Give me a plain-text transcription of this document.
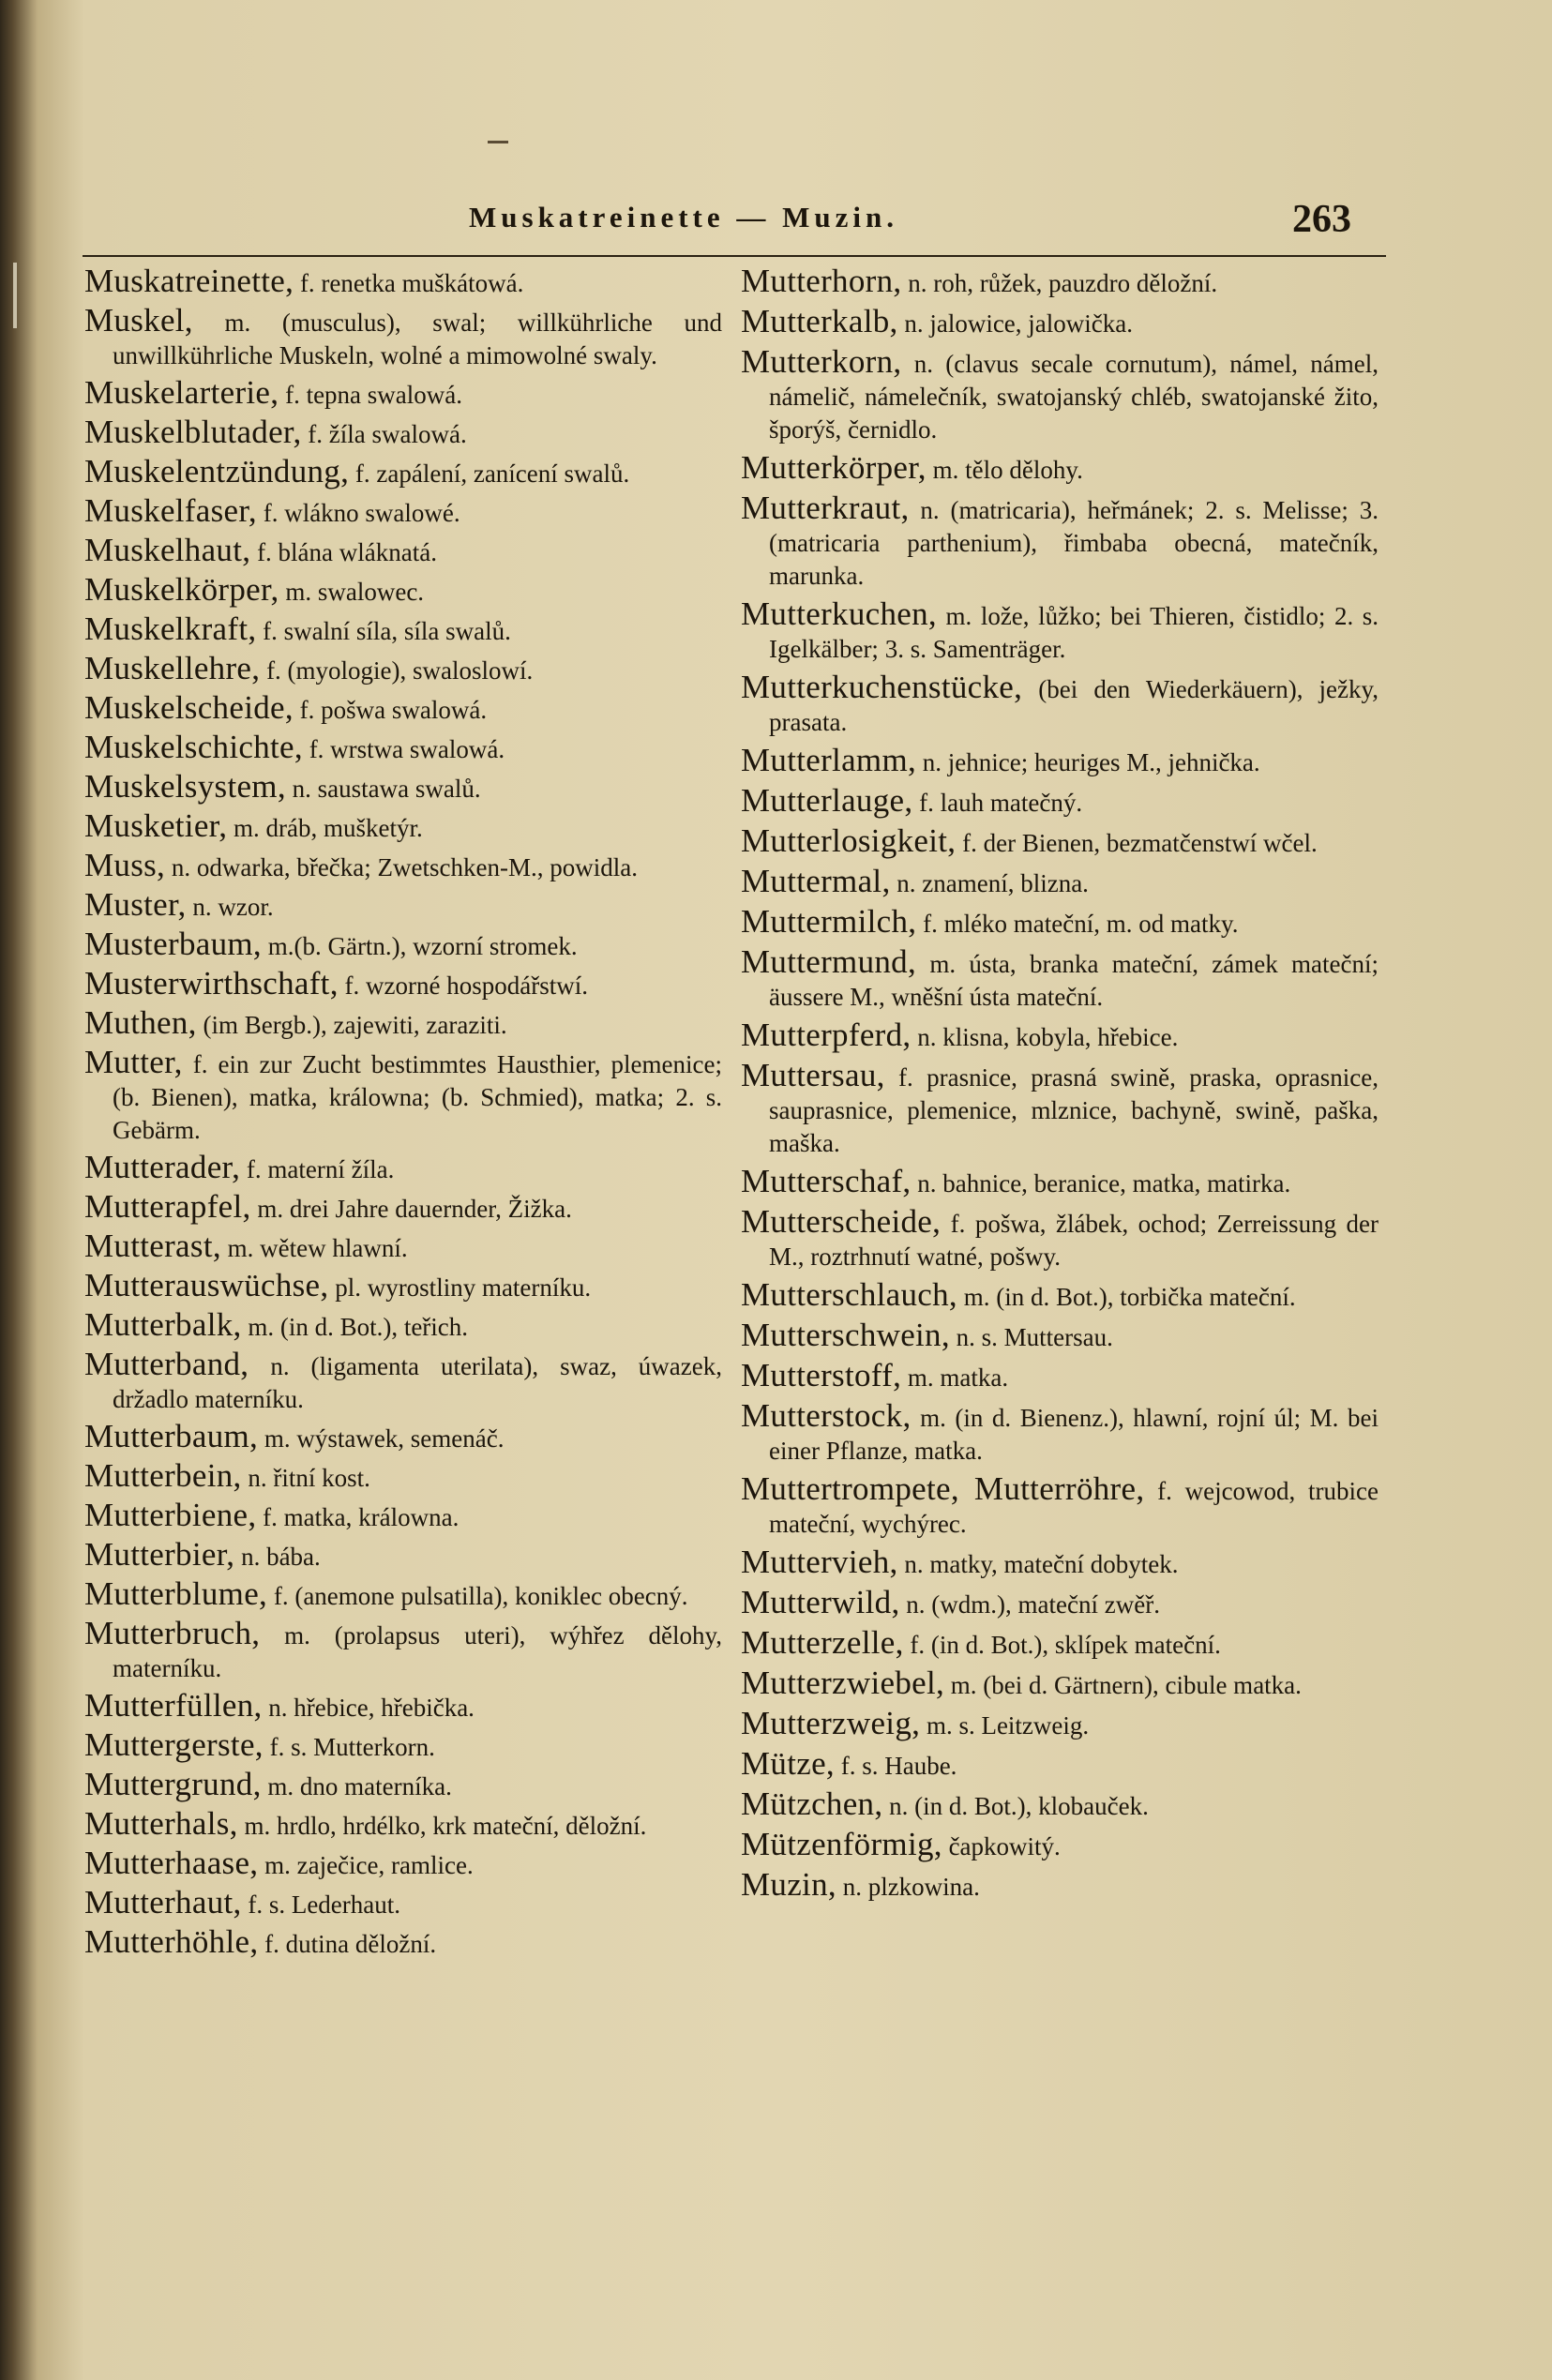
Muskatreinette — Muzin.	263

Muskatreinette, f. renetka muškátowá.

Muskel, m. (musculus), swal; willkührliche und unwillkührliche Muskeln, wolné a mimowolné swaly.

Muskelarterie, f. tepna swalowá.

Muskelblutader, f. žíla swalowá.

Muskelentzündung, f. zapálení, zanícení swalů.

Muskelfaser, f. wlákno swalowé.

Muskelhaut, f. blána wláknatá.

Muskelkörper, m. swalowec.

Muskelkraft, f. swalní síla, síla swalů.

Muskellehre, f. (myologie), swaloslowí.

Muskelscheide, f. pošwa swalowá.

Muskelschichte, f. wrstwa swalowá.

Muskelsystem, n. saustawa swalů.

Musketier, m. dráb, mušketýr.

Muss, n. odwarka, břečka; Zwetschken-M., powidla.

Muster, n. wzor.

Musterbaum, m.(b. Gärtn.), wzorní stromek.

Musterwirthschaft, f. wzorné hospodářstwí.

Muthen, (im Bergb.), zajewiti, zaraziti.

Mutter, f. ein zur Zucht bestimmtes Hausthier, plemenice; (b. Bienen), matka, králowna; (b. Schmied), matka; 2. s. Gebärm.

Mutterader, f. materní žíla.

Mutterapfel, m. drei Jahre dauernder, Žižka.

Mutterast, m. wětew hlawní.

Mutterauswüchse, pl. wyrostliny materníku.

Mutterbalk, m. (in d. Bot.), teřich.

Mutterband, n. (ligamenta uterilata), swaz, úwazek, držadlo materníku.

Mutterbaum, m. wýstawek, semenáč.

Mutterbein, n. řitní kost.

Mutterbiene, f. matka, králowna.

Mutterbier, n. bába.

Mutterblume, f. (anemone pulsatilla), koniklec obecný.

Mutterbruch, m. (prolapsus uteri), wýhřez dělohy, materníku.

Mutterfüllen, n. hřebice, hřebička.

Muttergerste, f. s. Mutterkorn.

Muttergrund, m. dno materníka.

Mutterhals, m. hrdlo, hrdélko, krk mateční, děložní.

Mutterhaase, m. zaječice, ramlice.

Mutterhaut, f. s. Lederhaut.

Mutterhöhle, f. dutina děložní.

Mutterhorn, n. roh, růžek, pauzdro děložní.

Mutterkalb, n. jalowice, jalowička.

Mutterkorn, n. (clavus secale cornutum), námel, námel, námelič, námelečník, swatojanský chléb, swatojanské žito, šporýš, černidlo.

Mutterkörper, m. tělo dělohy.

Mutterkraut, n. (matricaria), heřmánek; 2. s. Melisse; 3. (matricaria parthenium), řimbaba obecná, matečník, marunka.

Mutterkuchen, m. lože, lůžko; bei Thieren, čistidlo; 2. s. Igelkälber; 3. s. Samenträger.

Mutterkuchenstücke, (bei den Wiederkäuern), ježky, prasata.

Mutterlamm, n. jehnice; heuriges M., jehnička.

Mutterlauge, f. lauh matečný.

Mutterlosigkeit, f. der Bienen, bezmatčenstwí wčel.

Muttermal, n. znamení, blizna.

Muttermilch, f. mléko mateční, m. od matky.

Muttermund, m. ústa, branka mateční, zámek mateční; äussere M., wněšní ústa mateční.

Mutterpferd, n. klisna, kobyla, hřebice.

Muttersau, f. prasnice, prasná swině, praska, oprasnice, sauprasnice, plemenice, mlznice, bachyně, swině, paška, maška.

Mutterschaf, n. bahnice, beranice, matka, matirka.

Mutterscheide, f. pošwa, žlábek, ochod; Zerreissung der M., roztrhnutí watné, pošwy.

Mutterschlauch, m. (in d. Bot.), torbička mateční.

Mutterschwein, n. s. Muttersau.

Mutterstoff, m. matka.

Mutterstock, m. (in d. Bienenz.), hlawní, rojní úl; M. bei einer Pflanze, matka.

Muttertrompete, Mutterröhre, f. wejcowod, trubice mateční, wychýrec.

Muttervieh, n. matky, mateční dobytek.

Mutterwild, n. (wdm.), mateční zwěř.

Mutterzelle, f. (in d. Bot.), sklípek mateční.

Mutterzwiebel, m. (bei d. Gärtnern), cibule matka.

Mutterzweig, m. s. Leitzweig.

Mütze, f. s. Haube.

Mützchen, n. (in d. Bot.), klobauček.

Mützenförmig, čapkowitý.

Muzin, n. plzkowina.
